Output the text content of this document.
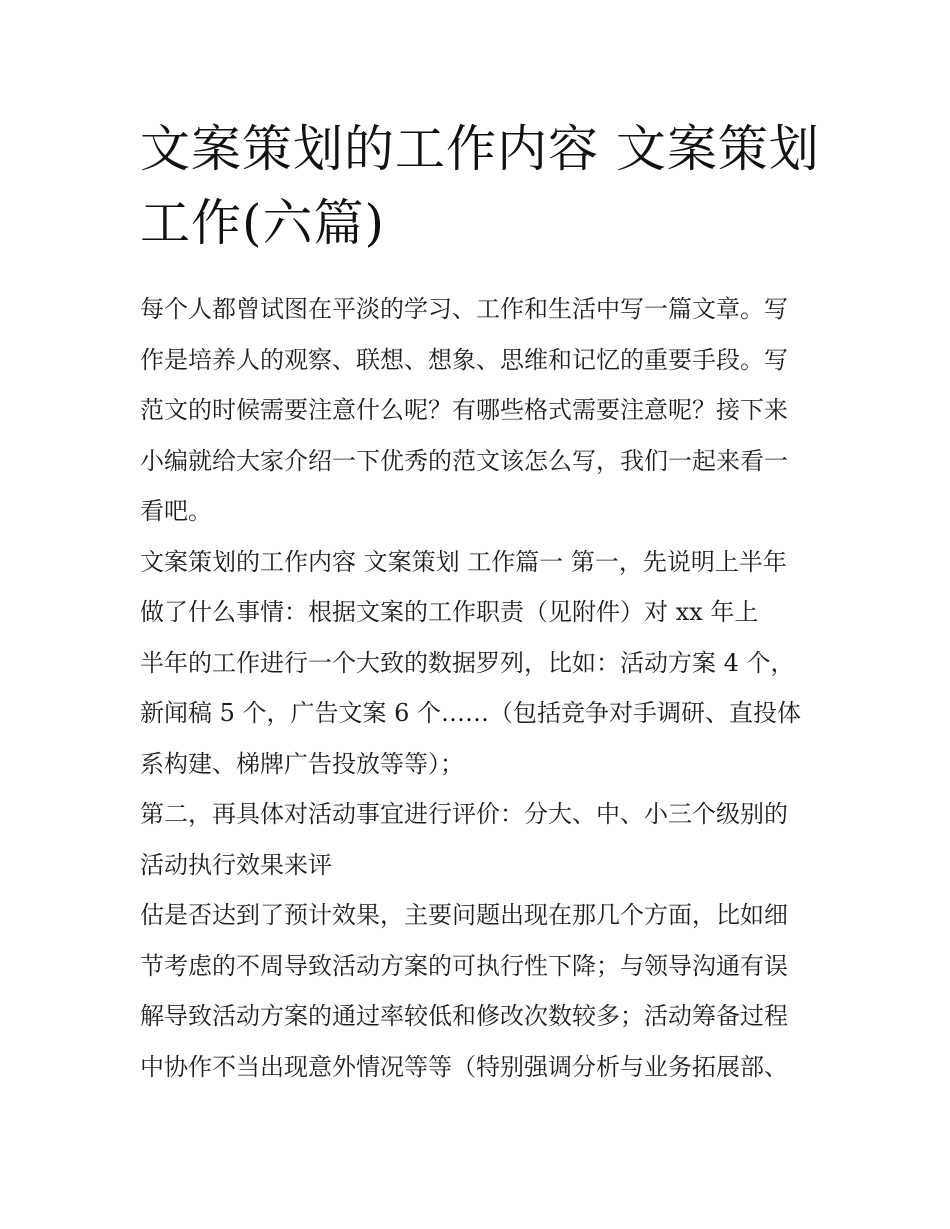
文案策划的工作内容 文案策划
工作(六篇)
每个人都曾试图在平淡的学习、工作和生活中写一篇文章。写
作是培养人的观察、联想、想象、思维和记忆的重要手段。写
范文的时候需要注意什么呢？有哪些格式需要注意呢？接下来
小编就给大家介绍一下优秀的范文该怎么写，我们一起来看一
看吧。
文案策划的工作内容 文案策划 工作篇一 第一，先说明上半年
做了什么事情：根据文案的工作职责（见附件）对 xx 年上
半年的工作进行一个大致的数据罗列，比如：活动方案 4 个，
新闻稿 5 个，广告文案 6 个……（包括竞争对手调研、直投体
系构建、梯牌广告投放等等）；
第二，再具体对活动事宜进行评价：分大、中、小三个级别的
活动执行效果来评
估是否达到了预计效果，主要问题出现在那几个方面，比如细
节考虑的不周导致活动方案的可执行性下降；与领导沟通有误
解导致活动方案的通过率较低和修改次数较多；活动筹备过程
中协作不当出现意外情况等等（特别强调分析与业务拓展部、
